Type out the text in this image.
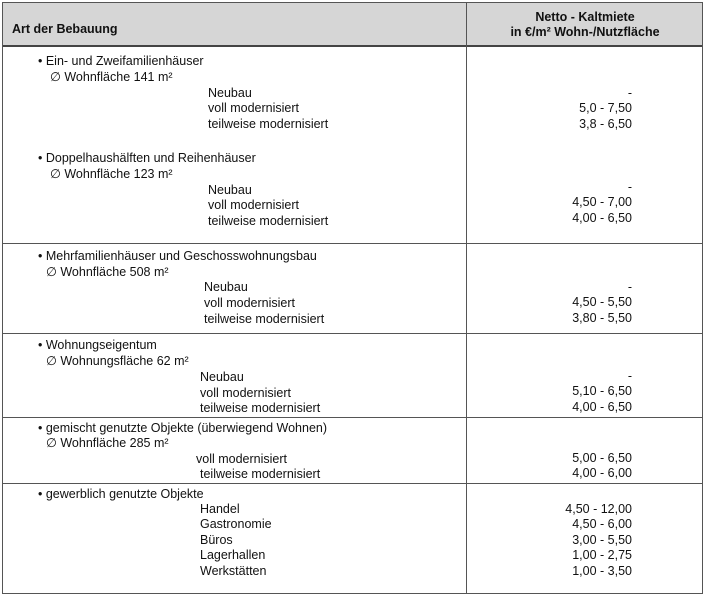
Art der Bebauung
Netto - Kaltmiete
in €/m² Wohn-/Nutzfläche
• Ein- und Zweifamilienhäuser
∅ Wohnfläche 141 m²
Neubau	-
voll modernisiert	5,0 - 7,50
teilweise modernisiert	3,8 - 6,50
• Doppelhaushälften und Reihenhäuser
∅ Wohnfläche 123 m²
Neubau	-
voll modernisiert	4,50 - 7,00
teilweise modernisiert	4,00 - 6,50
• Mehrfamilienhäuser und Geschosswohnungsbau
∅ Wohnfläche 508 m²
Neubau	-
voll modernisiert	4,50 - 5,50
teilweise modernisiert	3,80 - 5,50
• Wohnungseigentum
∅ Wohnungsfläche 62 m²
Neubau	-
voll modernisiert	5,10 - 6,50
teilweise modernisiert	4,00 - 6,50
• gemischt genutzte Objekte (überwiegend Wohnen)
∅ Wohnfläche 285 m²
voll modernisiert	5,00 - 6,50
teilweise modernisiert	4,00 - 6,00
• gewerblich genutzte Objekte
Handel	4,50 - 12,00
Gastronomie	4,50 - 6,00
Büros	3,00 - 5,50
Lagerhallen	1,00 - 2,75
Werkstätten	1,00 - 3,50
